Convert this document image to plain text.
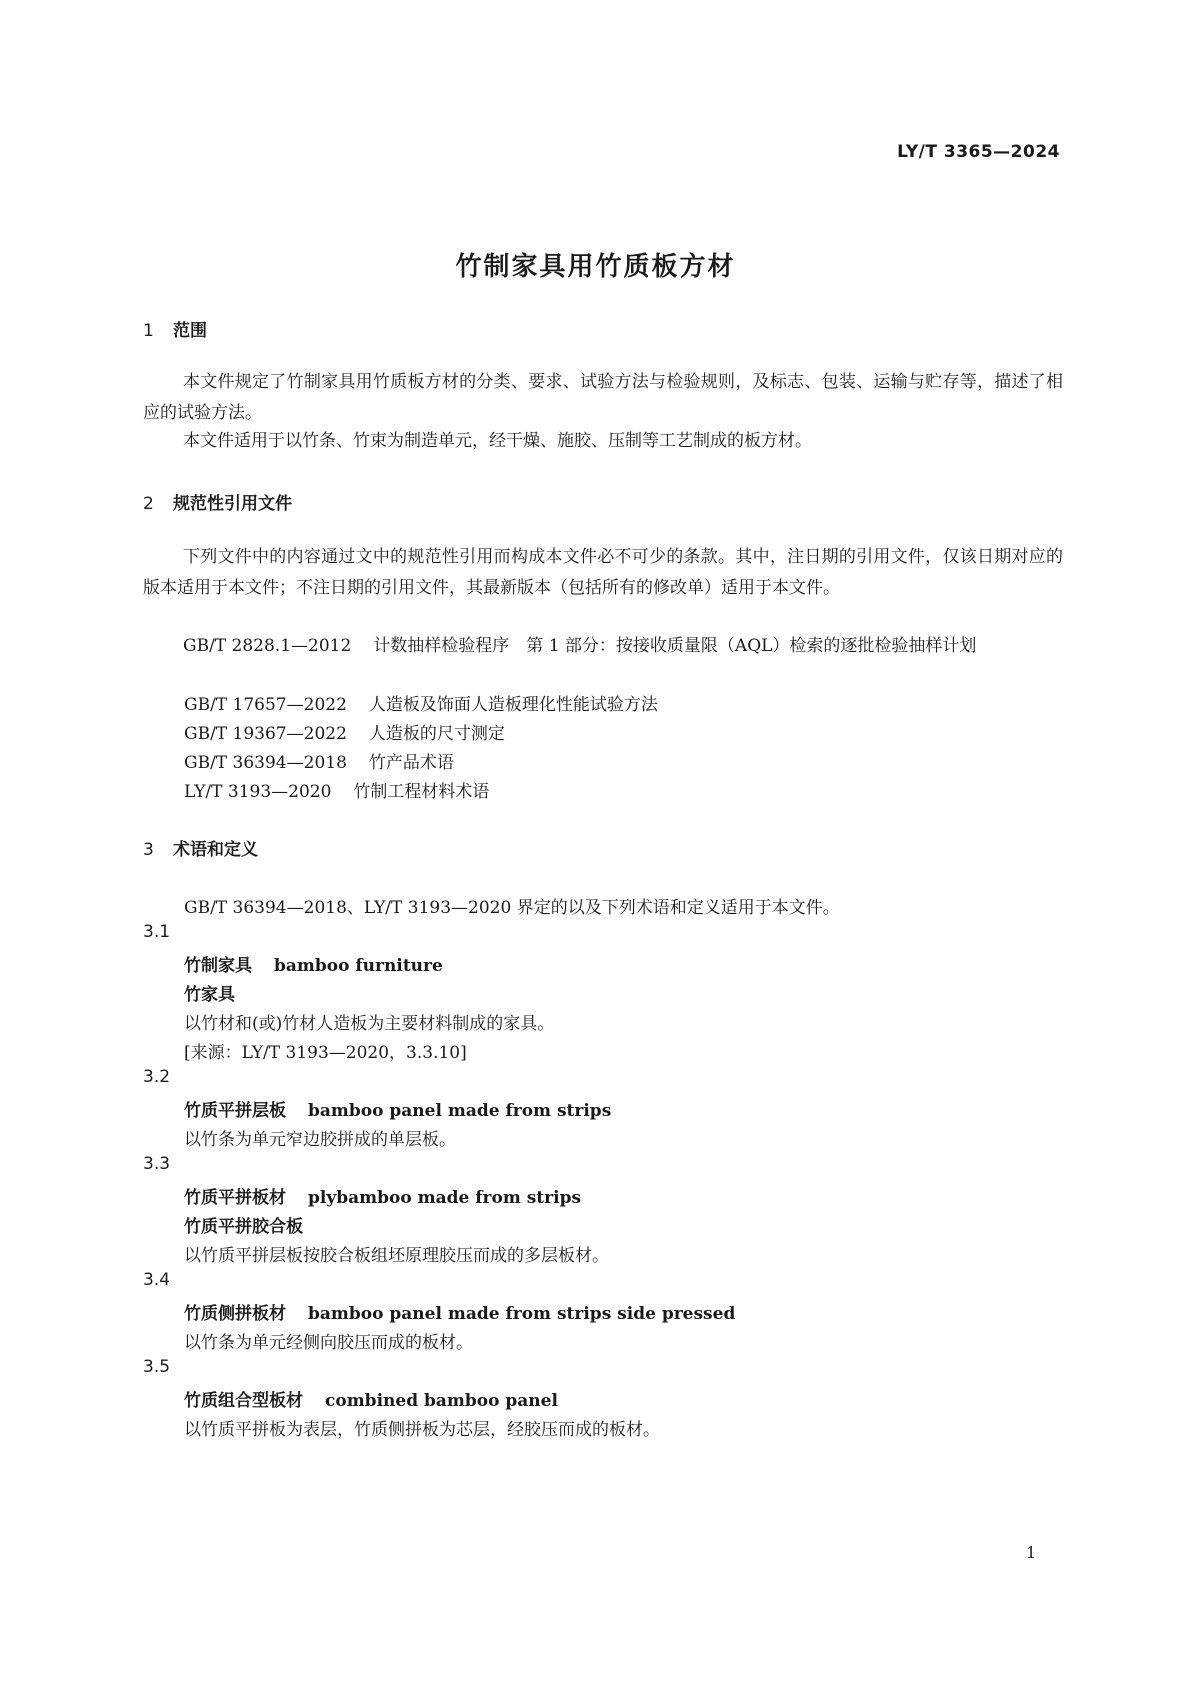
LY/T 3365—2024
竹制家具用竹质板方材
1 范围
本文件规定了竹制家具用竹质板方材的分类、要求、试验方法与检验规则，及标志、包装、运输与贮存等，描述了相应的试验方法。
本文件适用于以竹条、竹束为制造单元，经干燥、施胶、压制等工艺制成的板方材。
2 规范性引用文件
下列文件中的内容通过文中的规范性引用而构成本文件必不可少的条款。其中，注日期的引用文件，仅该日期对应的版本适用于本文件；不注日期的引用文件，其最新版本（包括所有的修改单）适用于本文件。
GB/T 2828.1—2012 计数抽样检验程序　第 1 部分：按接收质量限（AQL）检索的逐批检验抽样计划
GB/T 17657—2022 人造板及饰面人造板理化性能试验方法
GB/T 19367—2022 人造板的尺寸测定
GB/T 36394—2018 竹产品术语
LY/T 3193—2020 竹制工程材料术语
3 术语和定义
GB/T 36394—2018、LY/T 3193—2020 界定的以及下列术语和定义适用于本文件。
3.1
竹制家具 bamboo furniture
竹家具
以竹材和(或)竹材人造板为主要材料制成的家具。
[来源：LY/T 3193—2020，3.3.10]
3.2
竹质平拼层板 bamboo panel made from strips
以竹条为单元窄边胶拼成的单层板。
3.3
竹质平拼板材 plybamboo made from strips
竹质平拼胶合板
以竹质平拼层板按胶合板组坯原理胶压而成的多层板材。
3.4
竹质侧拼板材 bamboo panel made from strips side pressed
以竹条为单元经侧向胶压而成的板材。
3.5
竹质组合型板材 combined bamboo panel
以竹质平拼板为表层，竹质侧拼板为芯层，经胶压而成的板材。
1
